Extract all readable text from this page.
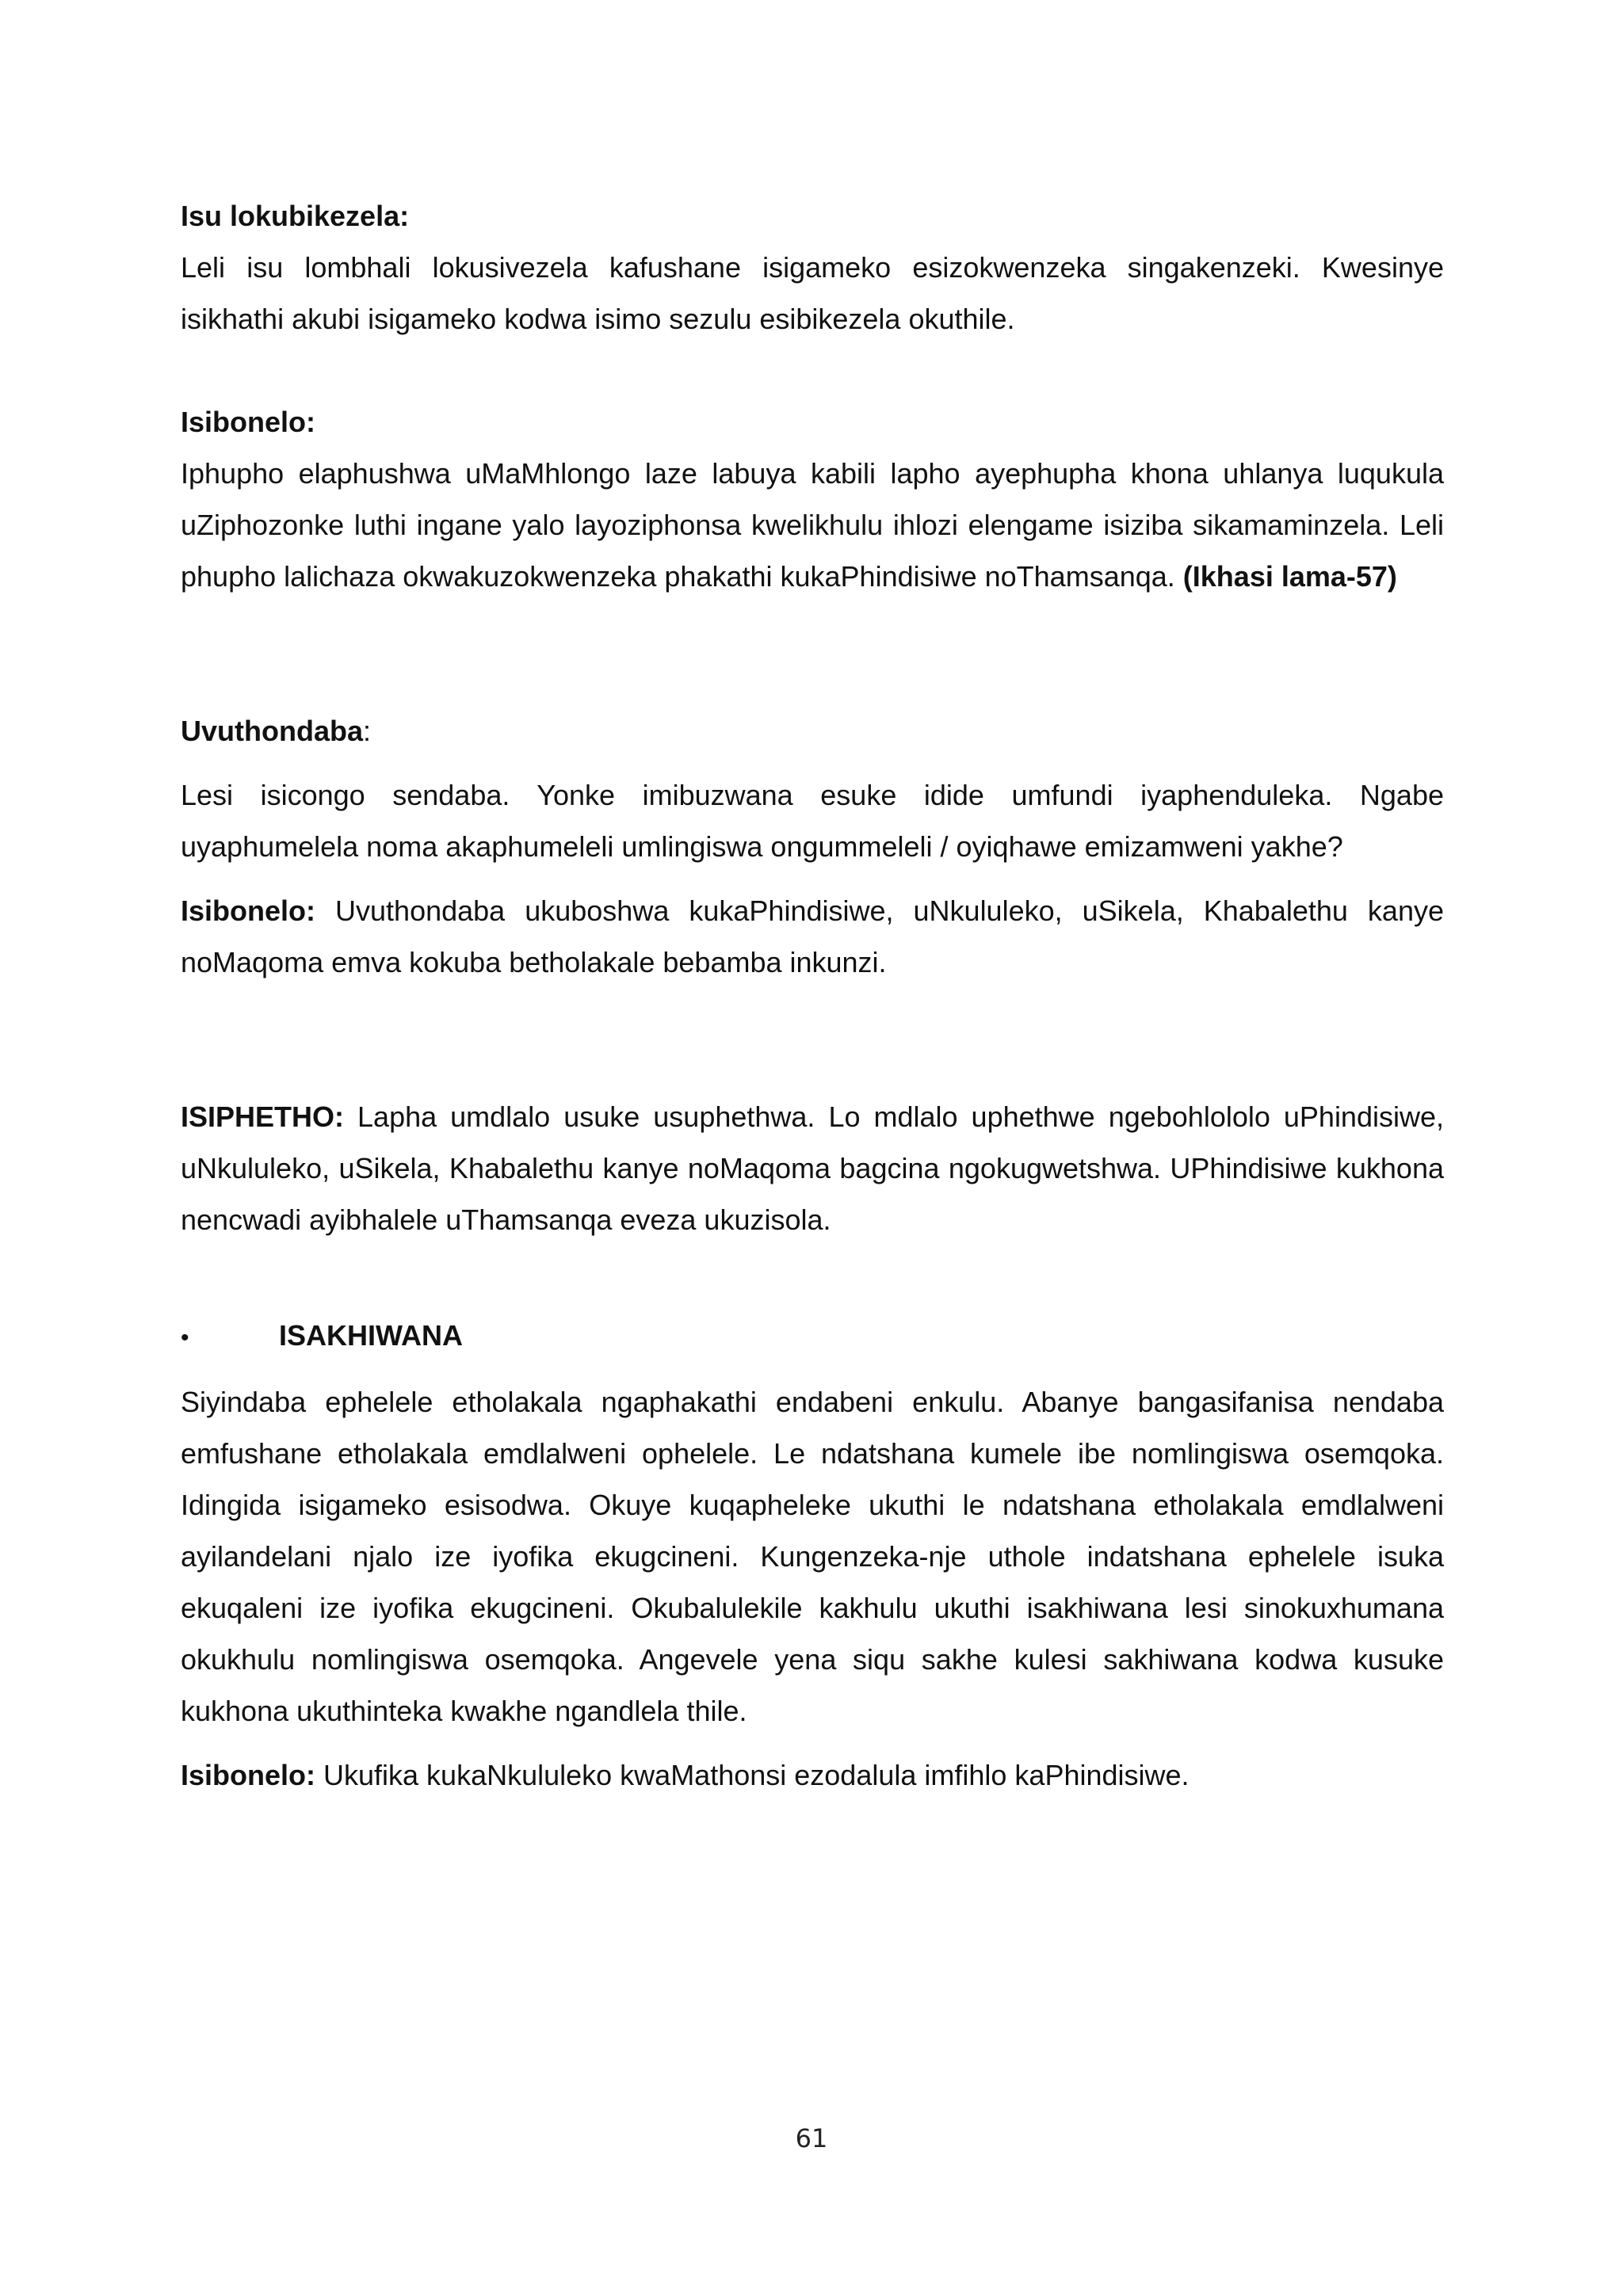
Isu lokubikezela:

Leli isu lombhali lokusivezela kafushane isigameko esizokwenzeka singakenzeki. Kwesinye isikhathi akubi isigameko kodwa isimo sezulu esibikezela okuthile.

Isibonelo:

Iphupho elaphushwa uMaMhlongo laze labuya kabili lapho ayephupha khona uhlanya luqukula uZiphozonke luthi ingane yalo layoziphonsa kwelikhulu ihlozi elengame isiziba sikamaminzela. Leli phupho lalichaza okwakuzokwenzeka phakathi kukaPhindisiwe noThamsanqa. (Ikhasi lama-57)

Uvuthondaba:

Lesi isicongo sendaba. Yonke imibuzwana esuke idide umfundi iyaphenduleka. Ngabe uyaphumelela noma akaphumeleli umlingiswa ongummeleli / oyiqhawe emizamweni yakhe?

Isibonelo: Uvuthondaba ukuboshwa kukaPhindisiwe, uNkululeko, uSikela, Khabalethu kanye noMaqoma emva kokuba betholakale bebamba inkunzi.

ISIPHETHO: Lapha umdlalo usuke usuphethwa. Lo mdlalo uphethwe ngebohlololo uPhindisiwe, uNkululeko, uSikela, Khabalethu kanye noMaqoma bagcina ngokugwetshwa. UPhindisiwe kukhona nencwadi ayibhalele uThamsanqa eveza ukuzisola.

•	ISAKHIWANA

Siyindaba ephelele etholakala ngaphakathi endabeni enkulu. Abanye bangasifanisa nendaba emfushane etholakala emdlalweni ophelele. Le ndatshana kumele ibe nomlingiswa osemqoka. Idingida isigameko esisodwa. Okuye kuqapheleke ukuthi le ndatshana etholakala emdlalweni ayilandelani njalo ize iyofika ekugcineni. Kungenzeka-nje uthole indatshana ephelele isuka ekuqaleni ize iyofika ekugcineni. Okubalulekile kakhulu ukuthi isakhiwana lesi sinokuxhumana okukhulu nomlingiswa osemqoka. Angevele yena siqu sakhe kulesi sakhiwana kodwa kusuke kukhona ukuthinteka kwakhe ngandlela thile.

Isibonelo: Ukufika kukaNkululeko kwaMathonsi ezodalula imfihlo kaPhindisiwe.

61
